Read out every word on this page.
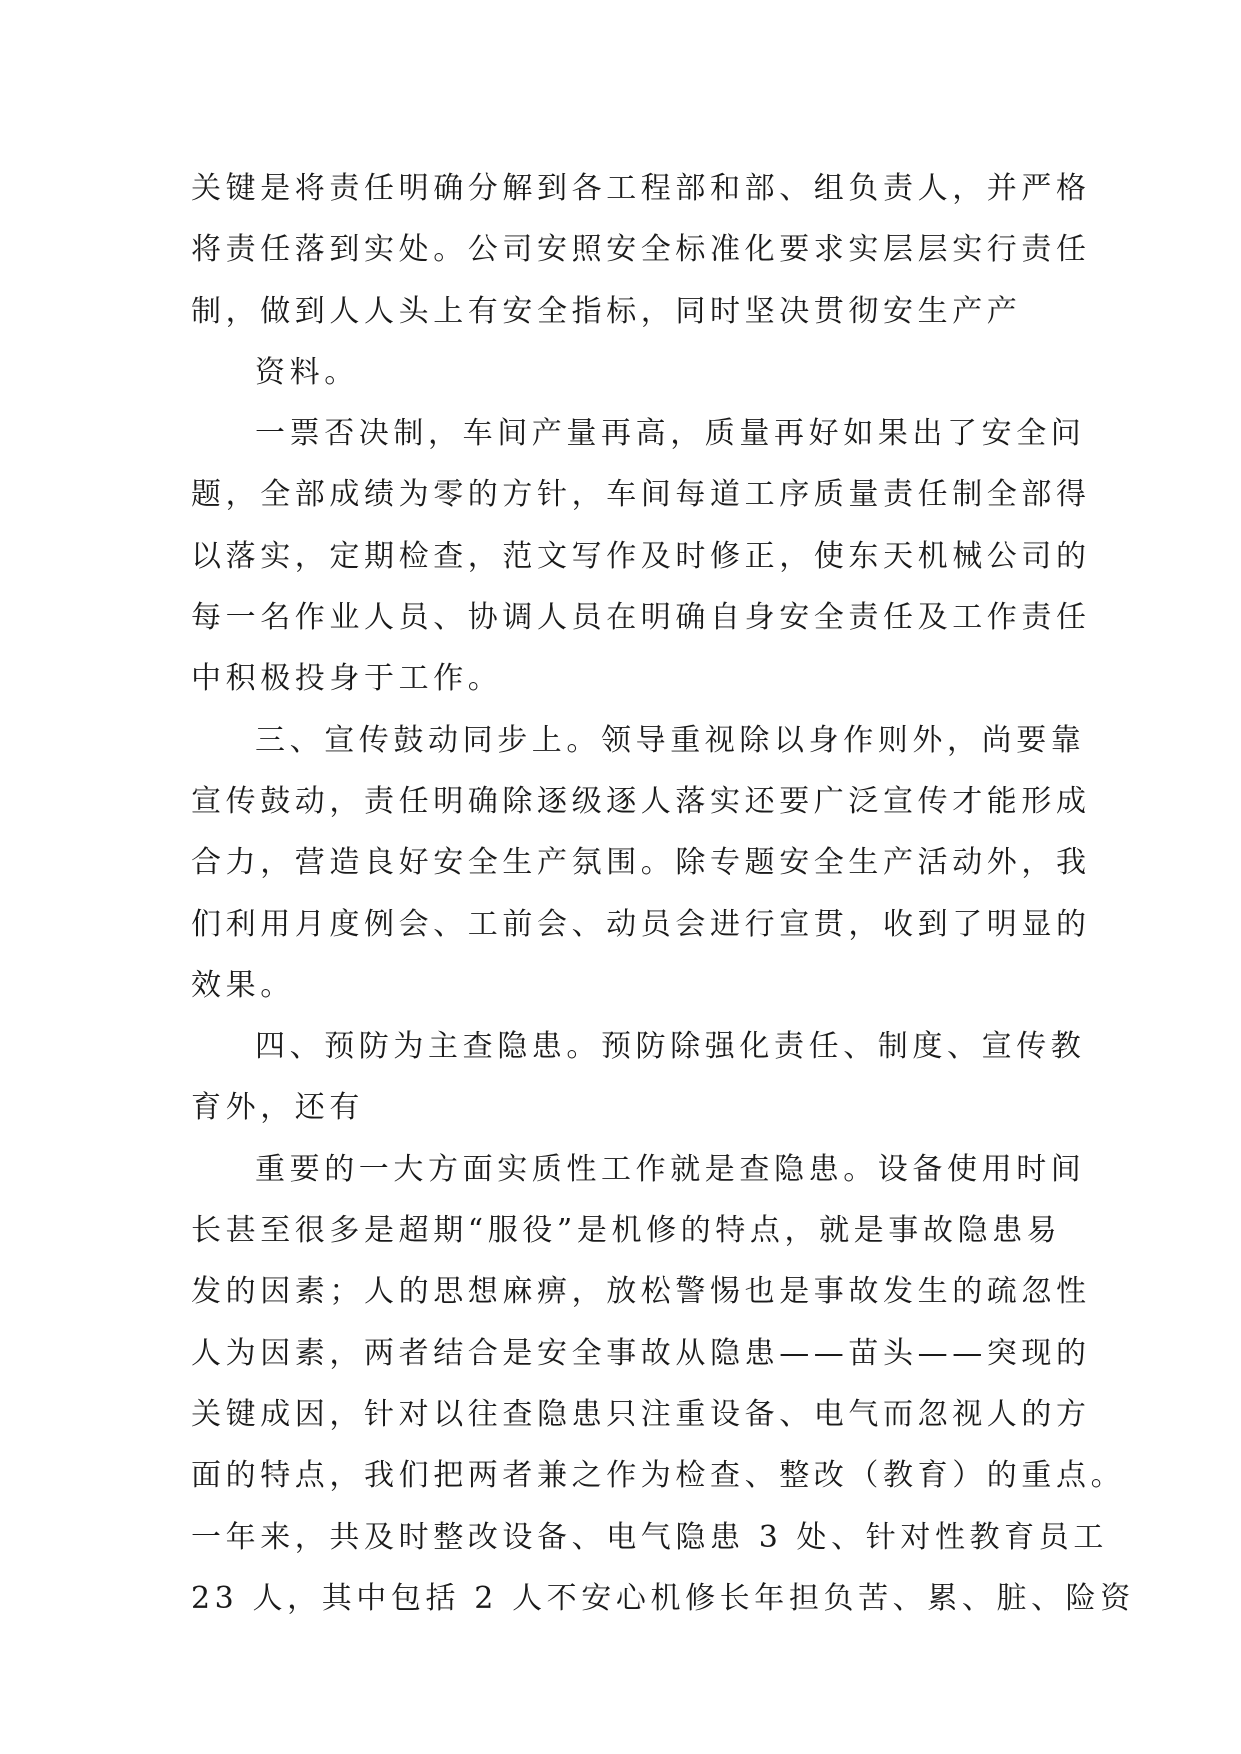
关键是将责任明确分解到各工程部和部、组负责人，并严格
将责任落到实处。公司安照安全标准化要求实层层实行责任
制，做到人人头上有安全指标，同时坚决贯彻安生产产
资料。
一票否决制，车间产量再高，质量再好如果出了安全问
题，全部成绩为零的方针，车间每道工序质量责任制全部得
以落实，定期检查，范文写作及时修正，使东天机械公司的
每一名作业人员、协调人员在明确自身安全责任及工作责任
中积极投身于工作。
三、宣传鼓动同步上。领导重视除以身作则外，尚要靠
宣传鼓动，责任明确除逐级逐人落实还要广泛宣传才能形成
合力，营造良好安全生产氛围。除专题安全生产活动外，我
们利用月度例会、工前会、动员会进行宣贯，收到了明显的
效果。
四、预防为主查隐患。预防除强化责任、制度、宣传教
育外，还有
重要的一大方面实质性工作就是查隐患。设备使用时间
长甚至很多是超期“服役”是机修的特点，就是事故隐患易
发的因素；人的思想麻痹，放松警惕也是事故发生的疏忽性
人为因素，两者结合是安全事故从隐患——苗头——突现的
关键成因，针对以往查隐患只注重设备、电气而忽视人的方
面的特点，我们把两者兼之作为检查、整改（教育）的重点。
一年来，共及时整改设备、电气隐患 3 处、针对性教育员工
23 人，其中包括 2 人不安心机修长年担负苦、累、脏、险资
